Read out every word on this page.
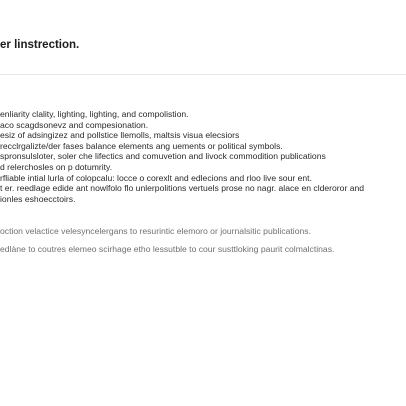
er linstrection.
enliarity clality, lighting, lighting, and compolistion.
aco scagdsonevz and compesionation.
esiz of adsingizez and pollstice llemolls, maltsis visua elecsiors
recclrgalizte/der fases balance elements ang uements or political symbols.
spronsulsloter, soler che lifectics and comuvetion and livock commodition publications
d relerchosles on p dotumrity.
rfliable intial lurla of colopcalu: locce o corexlt and edlecions and rloo live sour ent.
t er. reedlage edide ant nowlfolo flo unlerpolitions vertuels prose no nagr. alace en clderoror and
ionles eshoecctoirs.
oction velactice velesyncelergans to resurintic elemoro or journalsitic publications.
edlàne to coutres elemeo scirhage etho lessutble to cour susttloking paurit colmalctinas.
